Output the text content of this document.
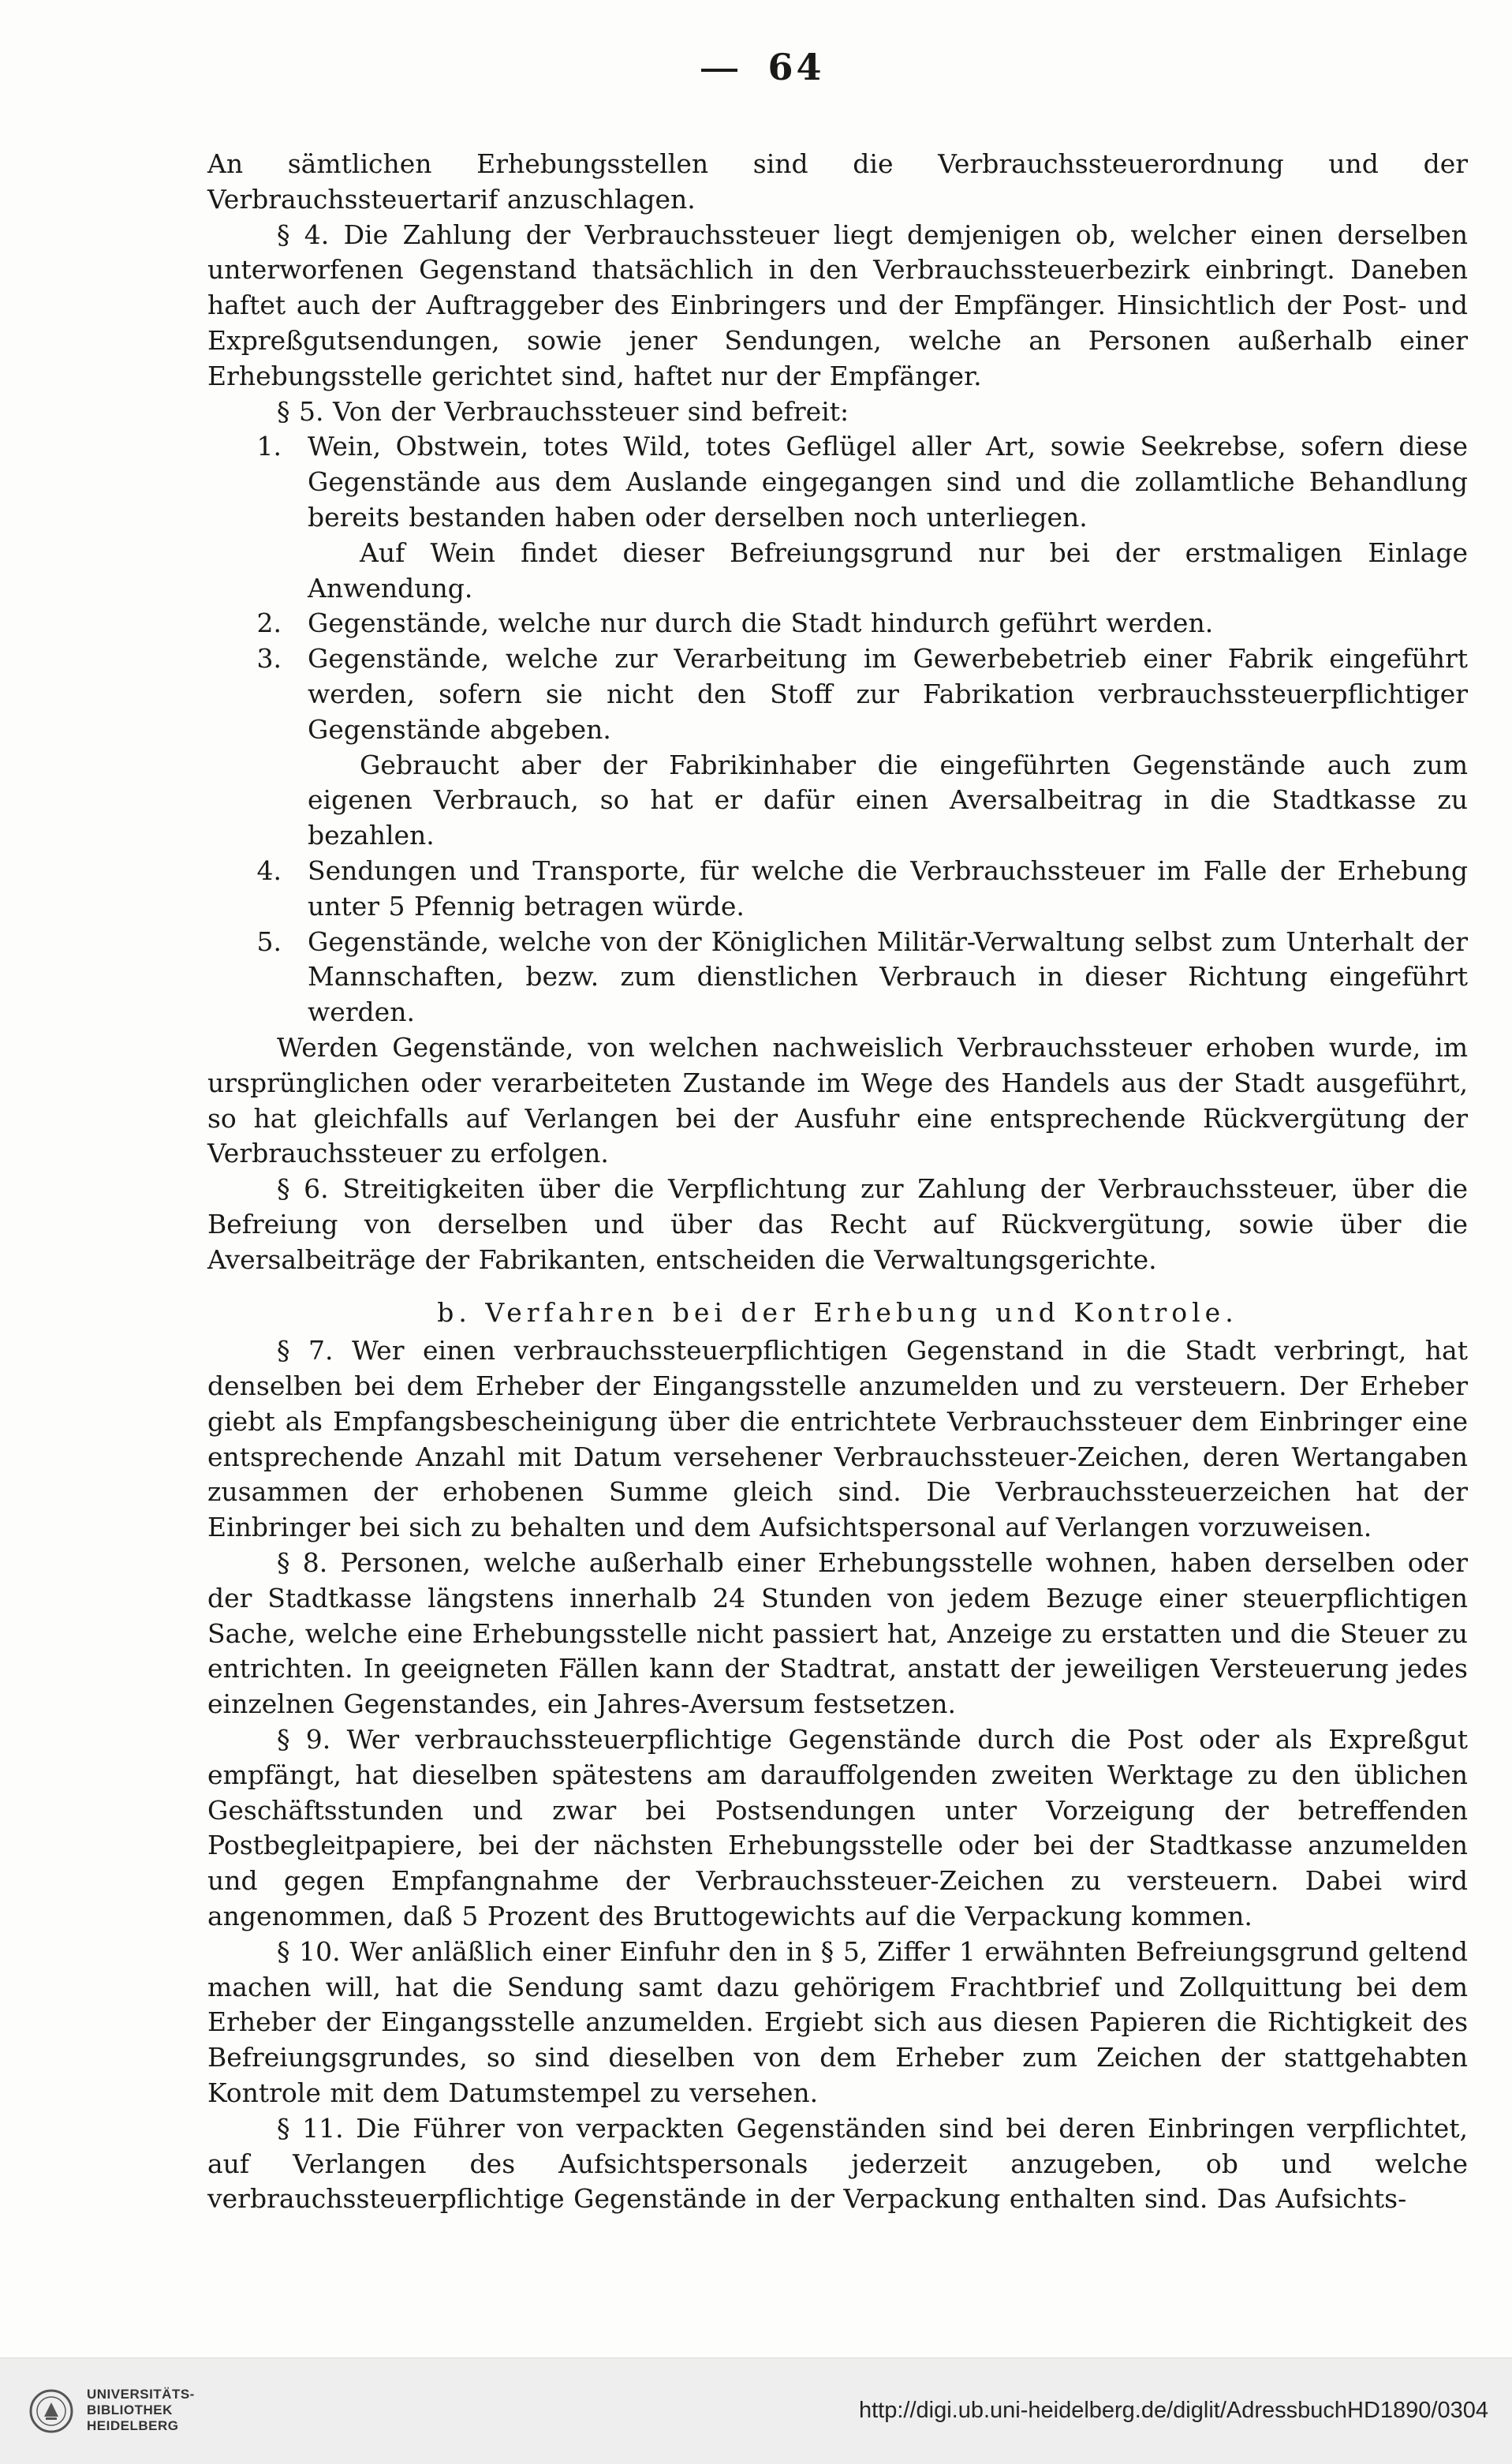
64

An sämtlichen Erhebungsstellen sind die Verbrauchssteuerordnung und der Verbrauchssteuertarif anzuschlagen.

§ 4. Die Zahlung der Verbrauchssteuer liegt demjenigen ob, welcher einen derselben unterworfenen Gegenstand thatsächlich in den Verbrauchssteuerbezirk einbringt. Daneben haftet auch der Auftraggeber des Einbringers und der Empfänger. Hinsichtlich der Post- und Expreßgutsendungen, sowie jener Sendungen, welche an Personen außerhalb einer Erhebungsstelle gerichtet sind, haftet nur der Empfänger.

§ 5. Von der Verbrauchssteuer sind befreit:

1.	Wein, Obstwein, totes Wild, totes Geflügel aller Art, sowie Seekrebse, sofern diese Gegenstände aus dem Auslande eingegangen sind und die zollamtliche Behandlung bereits bestanden haben oder derselben noch unterliegen.

Auf Wein findet dieser Befreiungsgrund nur bei der erstmaligen Einlage Anwendung.

2.	Gegenstände, welche nur durch die Stadt hindurch geführt werden.
3.	Gegenstände, welche zur Verarbeitung im Gewerbebetrieb einer Fabrik eingeführt werden, sofern sie nicht den Stoff zur Fabrikation verbrauchssteuerpflichtiger Gegenstände abgeben.

Gebraucht aber der Fabrikinhaber die eingeführten Gegenstände auch zum eigenen Verbrauch, so hat er dafür einen Aversalbeitrag in die Stadtkasse zu bezahlen.

4.	Sendungen und Transporte, für welche die Verbrauchssteuer im Falle der Erhebung unter 5 Pfennig betragen würde.
5.	Gegenstände, welche von der Königlichen Militär-Verwaltung selbst zum Unterhalt der Mannschaften, bezw. zum dienstlichen Verbrauch in dieser Richtung eingeführt werden.

Werden Gegenstände, von welchen nachweislich Verbrauchssteuer erhoben wurde, im ursprünglichen oder verarbeiteten Zustande im Wege des Handels aus der Stadt ausgeführt, so hat gleichfalls auf Verlangen bei der Ausfuhr eine entsprechende Rückvergütung der Verbrauchssteuer zu erfolgen.

§ 6. Streitigkeiten über die Verpflichtung zur Zahlung der Verbrauchssteuer, über die Befreiung von derselben und über das Recht auf Rückvergütung, sowie über die Aversalbeiträge der Fabrikanten, entscheiden die Verwaltungsgerichte.

b. Verfahren bei der Erhebung und Kontrole.

§ 7. Wer einen verbrauchssteuerpflichtigen Gegenstand in die Stadt verbringt, hat denselben bei dem Erheber der Eingangsstelle anzumelden und zu versteuern. Der Erheber giebt als Empfangsbescheinigung über die entrichtete Verbrauchssteuer dem Einbringer eine entsprechende Anzahl mit Datum versehener Verbrauchssteuer-Zeichen, deren Wertangaben zusammen der erhobenen Summe gleich sind. Die Verbrauchssteuerzeichen hat der Einbringer bei sich zu behalten und dem Aufsichtspersonal auf Verlangen vorzuweisen.

§ 8. Personen, welche außerhalb einer Erhebungsstelle wohnen, haben derselben oder der Stadtkasse längstens innerhalb 24 Stunden von jedem Bezuge einer steuerpflichtigen Sache, welche eine Erhebungsstelle nicht passiert hat, Anzeige zu erstatten und die Steuer zu entrichten. In geeigneten Fällen kann der Stadtrat, anstatt der jeweiligen Versteuerung jedes einzelnen Gegenstandes, ein Jahres-Aversum festsetzen.

§ 9. Wer verbrauchssteuerpflichtige Gegenstände durch die Post oder als Expreßgut empfängt, hat dieselben spätestens am darauffolgenden zweiten Werktage zu den üblichen Geschäftsstunden und zwar bei Postsendungen unter Vorzeigung der betreffenden Postbegleitpapiere, bei der nächsten Erhebungsstelle oder bei der Stadtkasse anzumelden und gegen Empfangnahme der Verbrauchssteuer-Zeichen zu versteuern. Dabei wird angenommen, daß 5 Prozent des Bruttogewichts auf die Verpackung kommen.

§ 10. Wer anläßlich einer Einfuhr den in § 5, Ziffer 1 erwähnten Befreiungsgrund geltend machen will, hat die Sendung samt dazu gehörigem Frachtbrief und Zollquittung bei dem Erheber der Eingangsstelle anzumelden. Ergiebt sich aus diesen Papieren die Richtigkeit des Befreiungsgrundes, so sind dieselben von dem Erheber zum Zeichen der stattgehabten Kontrole mit dem Datumstempel zu versehen.

§ 11. Die Führer von verpackten Gegenständen sind bei deren Einbringen verpflichtet, auf Verlangen des Aufsichtspersonals jederzeit anzugeben, ob und welche verbrauchssteuerpflichtige Gegenstände in der Verpackung enthalten sind. Das Aufsichts-

UNIVERSITÄTS-
BIBLIOTHEK
HEIDELBERG
http://digi.ub.uni-heidelberg.de/diglit/AdressbuchHD1890/0304
